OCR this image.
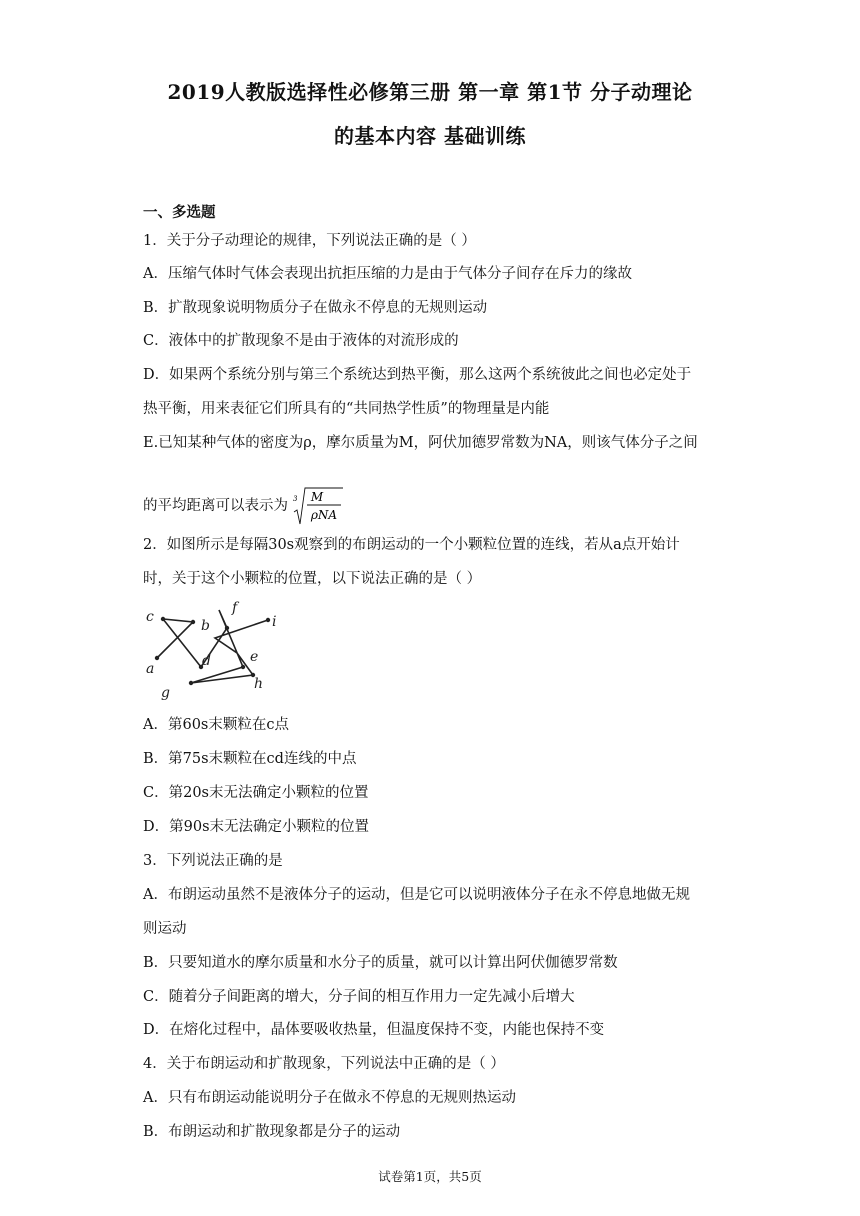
2019人教版选择性必修第三册 第一章 第1节 分子动理论
的基本内容 基础训练
一、多选题
1．关于分子动理论的规律，下列说法正确的是（ ）
A．压缩气体时气体会表现出抗拒压缩的力是由于气体分子间存在斥力的缘故
B．扩散现象说明物质分子在做永不停息的无规则运动
C．液体中的扩散现象不是由于液体的对流形成的
D．如果两个系统分别与第三个系统达到热平衡，那么这两个系统彼此之间也必定处于
热平衡，用来表征它们所具有的“共同热学性质”的物理量是内能
E.已知某种气体的密度为ρ，摩尔质量为M，阿伏加德罗常数为NA，则该气体分子之间
的平均距离可以表示为 3 M
ρNA
2．如图所示是每隔30s观察到的布朗运动的一个小颗粒位置的连线，若从a点开始计
时，关于这个小颗粒的位置，以下说法正确的是（ ）
a
b
c
d	e
f
g
h
i
A．第60s末颗粒在c点
B．第75s末颗粒在cd连线的中点
C．第20s末无法确定小颗粒的位置
D．第90s末无法确定小颗粒的位置
3．下列说法正确的是
A．布朗运动虽然不是液体分子的运动，但是它可以说明液体分子在永不停息地做无规
则运动
B．只要知道水的摩尔质量和水分子的质量，就可以计算出阿伏伽德罗常数
C．随着分子间距离的增大，分子间的相互作用力一定先减小后增大
D．在熔化过程中，晶体要吸收热量，但温度保持不变，内能也保持不变
4．关于布朗运动和扩散现象，下列说法中正确的是（ ）
A．只有布朗运动能说明分子在做永不停息的无规则热运动
B．布朗运动和扩散现象都是分子的运动
试卷第1页，共5页
